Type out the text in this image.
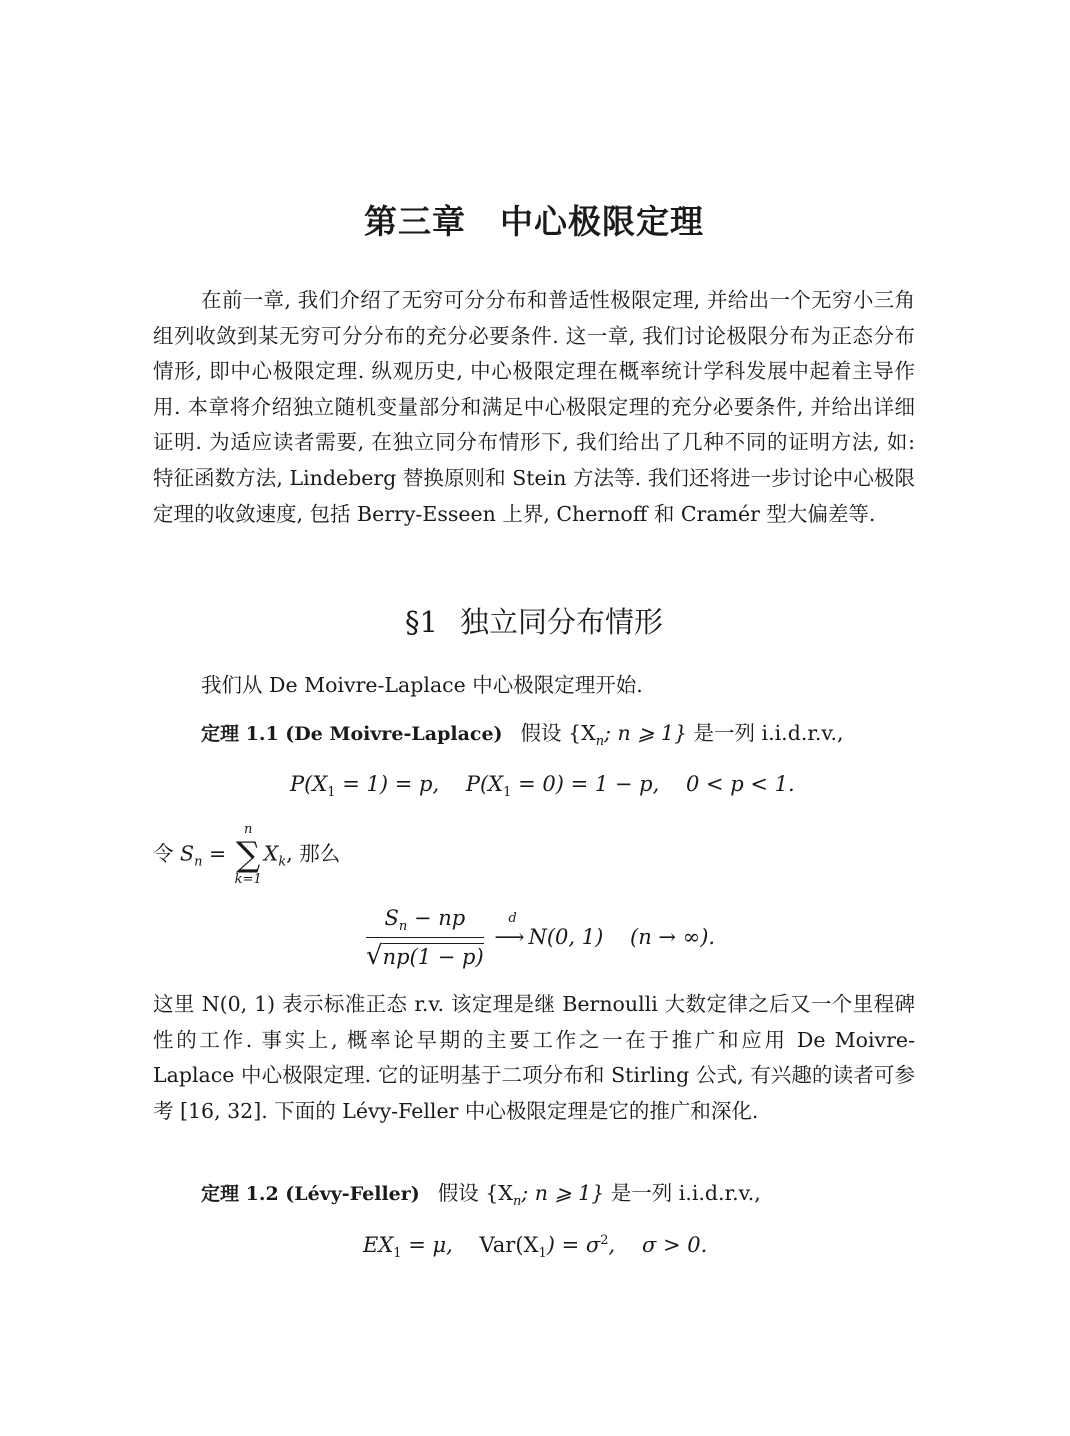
第三章 中心极限定理

在前一章, 我们介绍了无穷可分分布和普适性极限定理, 并给出一个无穷小三角组列收敛到某无穷可分分布的充分必要条件. 这一章, 我们讨论极限分布为正态分布情形, 即中心极限定理. 纵观历史, 中心极限定理在概率统计学科发展中起着主导作用. 本章将介绍独立随机变量部分和满足中心极限定理的充分必要条件, 并给出详细证明. 为适应读者需要, 在独立同分布情形下, 我们给出了几种不同的证明方法, 如: 特征函数方法, Lindeberg 替换原则和 Stein 方法等. 我们还将进一步讨论中心极限定理的收敛速度, 包括 Berry-Esseen 上界, Chernoff 和 Cramér 型大偏差等.

§1 独立同分布情形
我们从 De Moivre-Laplace 中心极限定理开始.
定理 1.1 (De Moivre-Laplace) 假设 {$X_n$; n ⩾ 1} 是一列 i.i.d.r.v.,
$P(X_1 = 1) = p$, $P(X_1 = 0) = 1 - p$, 0 < p < 1.
令 $S_n$ =
n
∑
k=1
$X_k$, 那么
$\frac{S_n - np}{√np(1 - p)}$
d
⟶ N(0, 1) (n → ∞).

这里 N(0, 1) 表示标准正态 r.v. 该定理是继 Bernoulli 大数定律之后又一个里程碑性的工作. 事实上, 概率论早期的主要工作之一在于推广和应用 De Moivre-Laplace 中心极限定理. 它的证明基于二项分布和 Stirling 公式, 有兴趣的读者可参考 [16, 32]. 下面的 Lévy-Feller 中心极限定理是它的推广和深化.

定理 1.2 (Lévy-Feller) 假设 {$X_n$; n ⩾ 1} 是一列 i.i.d.r.v.,
$EX_1 = \mu$, $Var(X_1) = \sigma^2$, σ > 0.
